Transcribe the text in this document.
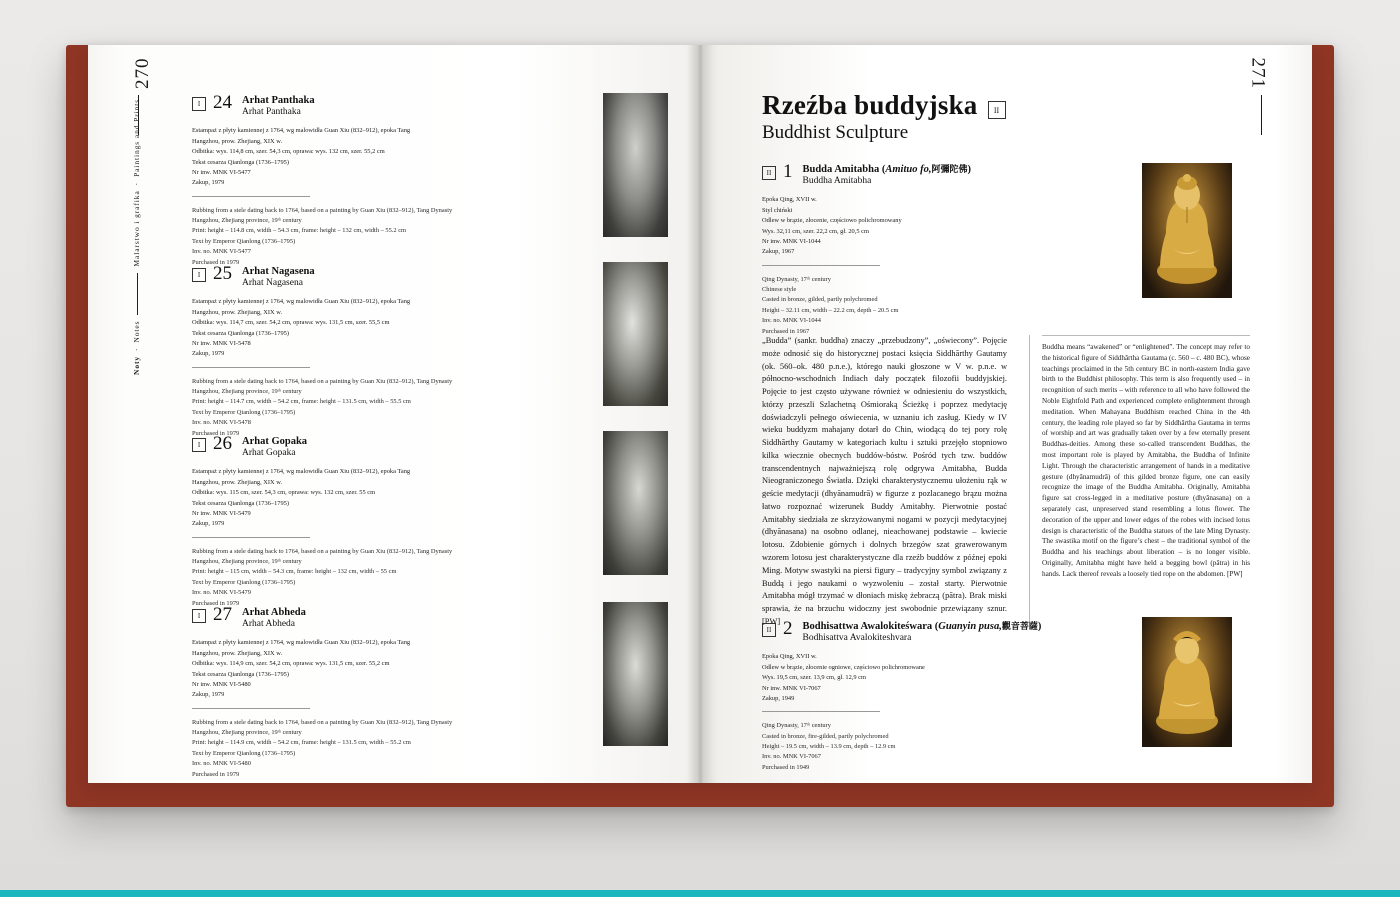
270
Noty·NotesMalarstwo i grafika·Paintings and Prints	I 24 Arhat Panthaka
Arhat Panthaka
Estampaż z płyty kamiennej z 1764, wg malowidła Guan Xiu (832–912), epoka Tang
Hangzhou, prow. Zhejiang, XIX w.
Odbitka: wys. 114,8 cm, szer. 54,3 cm, oprawa: wys. 132 cm, szer. 55,2 cm
Tekst cesarza Qianlonga (1736–1795)
Nr inw. MNK VI-5477
Zakup, 1979
Rubbing from a stele dating back to 1764, based on a painting by Guan Xiu (832–912), Tang Dynasty
Hangzhou, Zhejiang province, 19ᵗʰ century
Print: height – 114.8 cm, width – 54.3 cm, frame: height – 132 cm, width – 55.2 cm
Text by Emperor Qianlong (1736–1795)
Inv. no. MNK VI-5477
Purchased in 1979
I 25 Arhat Nagasena
Arhat Nagasena
Estampaż z płyty kamiennej z 1764, wg malowidła Guan Xiu (832–912), epoka Tang
Hangzhou, prow. Zhejiang, XIX w.
Odbitka: wys. 114,7 cm, szer. 54,2 cm, oprawa: wys. 131,5 cm, szer. 55,5 cm
Tekst cesarza Qianlonga (1736–1795)
Nr inw. MNK VI-5478
Zakup, 1979
Rubbing from a stele dating back to 1764, based on a painting by Guan Xiu (832–912), Tang Dynasty
Hangzhou, Zhejiang province, 19ᵗʰ century
Print: height – 114.7 cm, width – 54.2 cm, frame: height – 131.5 cm, width – 55.5 cm
Text by Emperor Qianlong (1736–1795)
Inv. no. MNK VI-5478
Purchased in 1979
I 26 Arhat Gopaka
Arhat Gopaka
Estampaż z płyty kamiennej z 1764, wg malowidła Guan Xiu (832–912), epoka Tang
Hangzhou, prow. Zhejiang, XIX w.
Odbitka: wys. 115 cm, szer. 54,3 cm, oprawa: wys. 132 cm, szer. 55 cm
Tekst cesarza Qianlonga (1736–1795)
Nr inw. MNK VI-5479
Zakup, 1979
Rubbing from a stele dating back to 1764, based on a painting by Guan Xiu (832–912), Tang Dynasty
Hangzhou, Zhejiang province, 19ᵗʰ century
Print: height – 115 cm, width – 54.3 cm, frame: height – 132 cm, width – 55 cm
Text by Emperor Qianlong (1736–1795)
Inv. no. MNK VI-5479
Purchased in 1979
I 27 Arhat Abheda
Arhat Abheda
Estampaż z płyty kamiennej z 1764, wg malowidła Guan Xiu (832–912), epoka Tang
Hangzhou, prow. Zhejiang, XIX w.
Odbitka: wys. 114,9 cm, szer. 54,2 cm, oprawa: wys. 131,5 cm, szer. 55,2 cm
Tekst cesarza Qianlonga (1736–1795)
Nr inw. MNK VI-5480
Zakup, 1979
Rubbing from a stele dating back to 1764, based on a painting by Guan Xiu (832–912), Tang Dynasty
Hangzhou, Zhejiang province, 19ᵗʰ century
Print: height – 114.9 cm, width – 54.2 cm, frame: height – 131.5 cm, width – 55.2 cm
Text by Emperor Qianlong (1736–1795)
Inv. no. MNK VI-5480
Purchased in 1979
271
Rzeźba buddyjska
Buddhist Sculpture
II
II 1 Budda Amitabha (Amituo fo,阿彌陀佛)
Buddha Amitabha
Epoka Qing, XVII w.
Styl chiński
Odlew w brązie, złocenie, częściowo polichromowany
Wys. 32,11 cm, szer. 22,2 cm, gł. 20,5 cm
Nr inw. MNK VI-1044
Zakup, 1967
Qing Dynasty, 17ᵗʰ century
Chinese style
Casted in bronze, gilded, partly polychromed
Height – 32.11 cm, width – 22.2 cm, depth – 20.5 cm
Inv. no. MNK VI-1044
Purchased in 1967
„Budda” (sankr. buddha) znaczy „przebudzony”, „oświecony”. Pojęcie może odnosić się do historycznej postaci księcia Siddhārthy Gautamy (ok. 560–ok. 480 p.n.e.), którego nauki głoszone w V w. p.n.e. w północno-wschodnich Indiach dały początek filozofii buddyjskiej. Pojęcie to jest często używane również w odniesieniu do wszystkich, którzy przeszli Szlachetną Ośmioraką Ścieżkę i poprzez medytację doświadczyli pełnego oświecenia, w uznaniu ich zasług. Kiedy w IV wieku buddyzm mahajany dotarł do Chin, wiodącą do tej pory rolę Siddhārthy Gautamy w kategoriach kultu i sztuki przejęło stopniowo kilka wiecznie obecnych buddów-bóstw. Pośród tych tzw. buddów transcendentnych najważniejszą rolę odgrywa Amitabha, Budda Nieograniczonego Światła. Dzięki charakterystycznemu ułożeniu rąk w geście medytacji (dhyānamudrā) w figurze z pozlacanego brązu można łatwo rozpoznać wizerunek Buddy Amitabhy. Pierwotnie postać Amitabhy siedziała ze skrzyżowanymi nogami w pozycji medytacyjnej (dhyānasana) na osobno odlanej, nieachowanej podstawie – kwiecie lotosu. Zdobienie górnych i dolnych brzegów szat grawerowanym wzorem lotosu jest charakterystyczne dla rzeźb buddów z późnej epoki Ming. Motyw swastyki na piersi figury – tradycyjny symbol związany z Buddą i jego naukami o wyzwoleniu – został starty. Pierwotnie Amitabha mógł trzymać w dłoniach miskę żebraczą (pātra). Brak miski sprawia, że na brzuchu widoczny jest swobodnie przewiązany sznur. [PW]
Buddha means “awakened” or “enlightened”. The concept may refer to the historical figure of Siddhārtha Gautama (c. 560 – c. 480 BC), whose teachings proclaimed in the 5th century BC in north-eastern India gave birth to the Buddhist philosophy. This term is also frequently used – in recognition of such merits – with reference to all who have followed the Noble Eightfold Path and experienced complete enlightenment through meditation. When Mahayana Buddhism reached China in the 4th century, the leading role played so far by Siddhārtha Gautama in terms of worship and art was gradually taken over by a few eternally present Buddhas-deities. Among these so-called transcendent Buddhas, the most important role is played by Amitabha, the Buddha of Infinite Light. Through the characteristic arrangement of hands in a meditative gesture (dhyānamudrā) of this gilded bronze figure, one can easily recognize the image of the Buddha Amitabha. Originally, Amitabha figure sat cross-legged in a meditative posture (dhyānasana) on a separately cast, unpreserved stand resembling a lotus flower. The decoration of the upper and lower edges of the robes with incised lotus design is characteristic of the Buddha statues of the late Ming Dynasty. The swastika motif on the figure’s chest – the traditional symbol of the Buddha and his teachings about liberation – is no longer visible. Originally, Amitabha might have held a begging bowl (pātra) in his hands. Lack thereof reveals a loosely tied rope on the abdomen. [PW]
II 2 Bodhisattwa Awalokiteśwara (Guanyin pusa,觀音菩薩)
Bodhisattva Avalokiteshvara
Epoka Qing, XVII w.
Odlew w brązie, złocenie ogniowe, częściowo polichromowane
Wys. 19,5 cm, szer. 13,9 cm, gł. 12,9 cm
Nr inw. MNK VI-7067
Zakup, 1949
Qing Dynasty, 17ᵗʰ century
Casted in bronze, fire-gilded, partly polychromed
Height – 19.5 cm, width – 13.9 cm, depth – 12.9 cm
Inv. no. MNK VI-7067
Purchased in 1949
